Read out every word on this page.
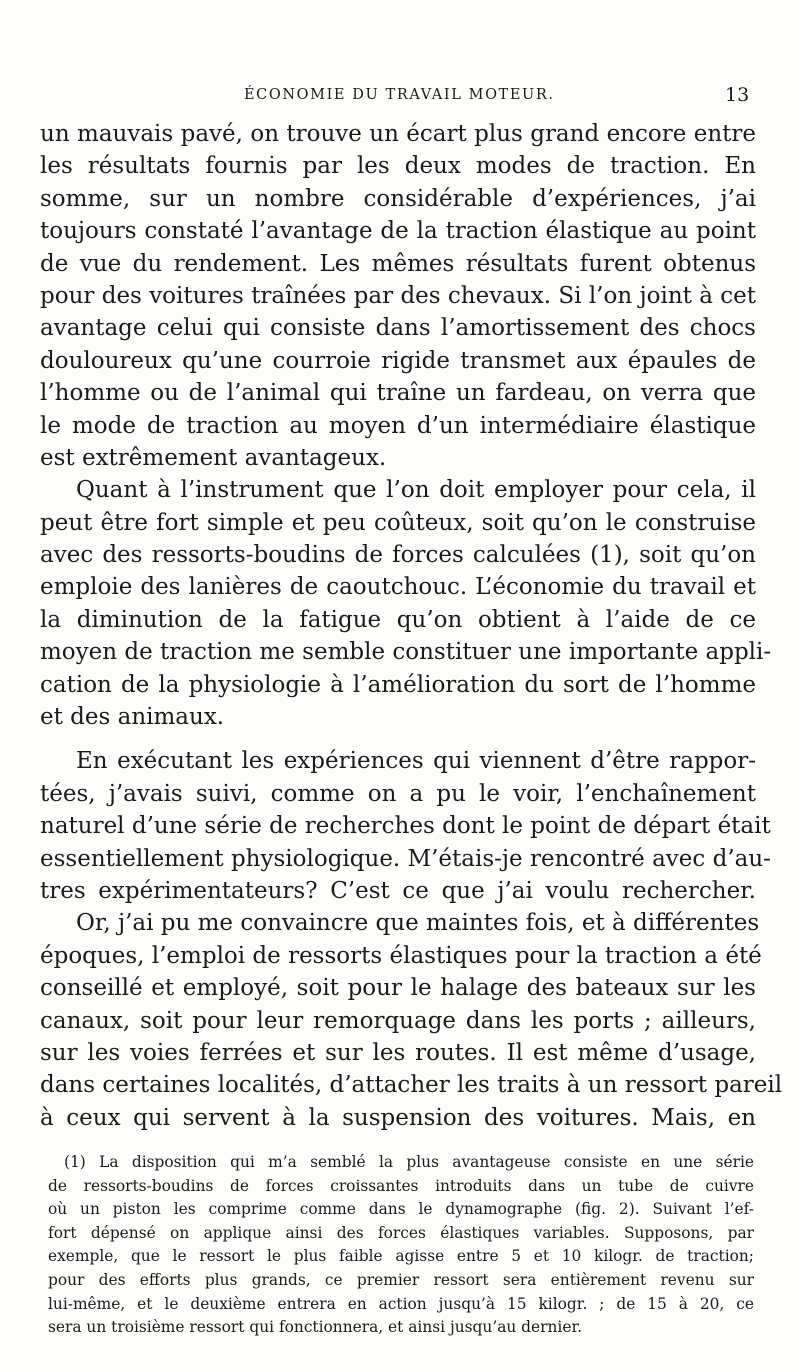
ÉCONOMIE DU TRAVAIL MOTEUR.	13
un mauvais pavé, on trouve un écart plus grand encore entre
les résultats fournis par les deux modes de traction. En
somme, sur un nombre considérable d’expériences, j’ai
toujours constaté l’avantage de la traction élastique au point
de vue du rendement. Les mêmes résultats furent obtenus
pour des voitures traînées par des chevaux. Si l’on joint à cet
avantage celui qui consiste dans l’amortissement des chocs
douloureux qu’une courroie rigide transmet aux épaules de
l’homme ou de l’animal qui traîne un fardeau, on verra que
le mode de traction au moyen d’un intermédiaire élastique
est extrêmement avantageux.
Quant à l’instrument que l’on doit employer pour cela, il
peut être fort simple et peu coûteux, soit qu’on le construise
avec des ressorts-boudins de forces calculées (1), soit qu’on
emploie des lanières de caoutchouc. L’économie du travail et
la diminution de la fatigue qu’on obtient à l’aide de ce
moyen de traction me semble constituer une importante appli-
cation de la physiologie à l’amélioration du sort de l’homme
et des animaux.
En exécutant les expériences qui viennent d’être rappor-
tées, j’avais suivi, comme on a pu le voir, l’enchaînement
naturel d’une série de recherches dont le point de départ était
essentiellement physiologique. M’étais-je rencontré avec d’au-
tres expérimentateurs? C’est ce que j’ai voulu rechercher.
Or, j’ai pu me convaincre que maintes fois, et à différentes
époques, l’emploi de ressorts élastiques pour la traction a été
conseillé et employé, soit pour le halage des bateaux sur les
canaux, soit pour leur remorquage dans les ports ; ailleurs,
sur les voies ferrées et sur les routes. Il est même d’usage,
dans certaines localités, d’attacher les traits à un ressort pareil
à ceux qui servent à la suspension des voitures. Mais, en
(1) La disposition qui m’a semblé la plus avantageuse consiste en une série
de ressorts-boudins de forces croissantes introduits dans un tube de cuivre
où un piston les comprime comme dans le dynamographe (fig. 2). Suivant l’ef-
fort dépensé on applique ainsi des forces élastiques variables. Supposons, par
exemple, que le ressort le plus faible agisse entre 5 et 10 kilogr. de traction;
pour des efforts plus grands, ce premier ressort sera entièrement revenu sur
lui-même, et le deuxième entrera en action jusqu’à 15 kilogr. ; de 15 à 20, ce
sera un troisième ressort qui fonctionnera, et ainsi jusqu’au dernier.
